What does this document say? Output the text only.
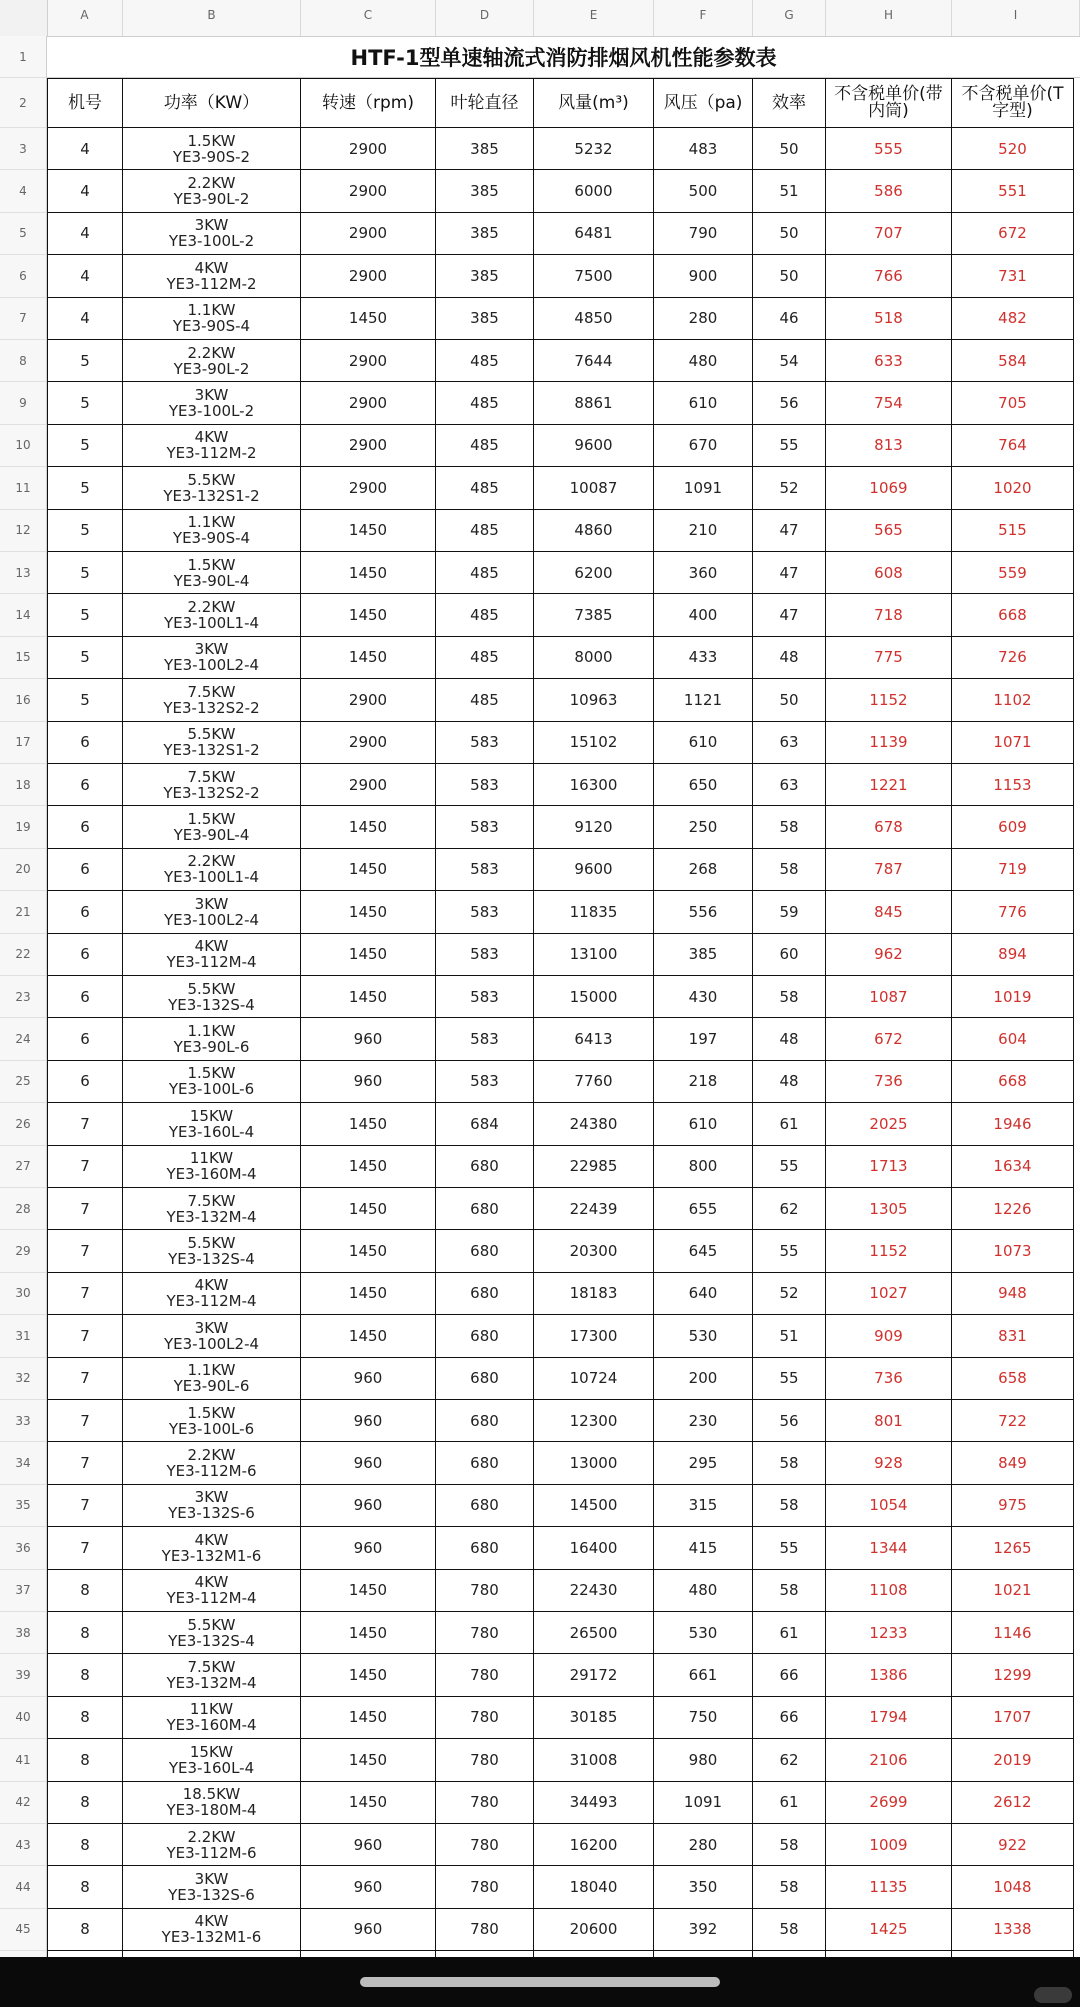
A	B	C	D	E	F	G	H	I
1	HTF-1型单速轴流式消防排烟风机性能参数表
2	机号	功率（KW）	转速（rpm)	叶轮直径	风量(m³)	风压（pa)	效率	不含税单价(带内筒)
不含税单价(T字型)
3	4	1.5KW
YE3-90S-2	2900	385	5232	483	50	555	520
4	4	2.2KW
YE3-90L-2	2900	385	6000	500	51	586	551
5	4	3KW
YE3-100L-2	2900	385	6481	790	50	707	672
6	4	4KW
YE3-112M-2	2900	385	7500	900	50	766	731
7	4	1.1KW
YE3-90S-4	1450	385	4850	280	46	518	482
8	5	2.2KW
YE3-90L-2	2900	485	7644	480	54	633	584
9	5	3KW
YE3-100L-2	2900	485	8861	610	56	754	705
10	5	4KW
YE3-112M-2	2900	485	9600	670	55	813	764
11	5	5.5KW
YE3-132S1-2	2900	485	10087	1091	52	1069	1020
12	5	1.1KW
YE3-90S-4	1450	485	4860	210	47	565	515
13	5	1.5KW
YE3-90L-4	1450	485	6200	360	47	608	559
14	5	2.2KW
YE3-100L1-4	1450	485	7385	400	47	718	668
15	5	3KW
YE3-100L2-4	1450	485	8000	433	48	775	726
16	5	7.5KW
YE3-132S2-2	2900	485	10963	1121	50	1152	1102
17	6	5.5KW
YE3-132S1-2	2900	583	15102	610	63	1139	1071
18	6	7.5KW
YE3-132S2-2	2900	583	16300	650	63	1221	1153
19	6	1.5KW
YE3-90L-4	1450	583	9120	250	58	678	609
20	6	2.2KW
YE3-100L1-4	1450	583	9600	268	58	787	719
21	6	3KW
YE3-100L2-4	1450	583	11835	556	59	845	776
22	6	4KW
YE3-112M-4	1450	583	13100	385	60	962	894
23	6	5.5KW
YE3-132S-4	1450	583	15000	430	58	1087	1019
24	6	1.1KW
YE3-90L-6	960	583	6413	197	48	672	604
25	6	1.5KW
YE3-100L-6	960	583	7760	218	48	736	668
26	7	15KW
YE3-160L-4	1450	684	24380	610	61	2025	1946
27	7	11KW
YE3-160M-4	1450	680	22985	800	55	1713	1634
28	7	7.5KW
YE3-132M-4	1450	680	22439	655	62	1305	1226
29	7	5.5KW
YE3-132S-4	1450	680	20300	645	55	1152	1073
30	7	4KW
YE3-112M-4	1450	680	18183	640	52	1027	948
31	7	3KW
YE3-100L2-4	1450	680	17300	530	51	909	831
32	7	1.1KW
YE3-90L-6	960	680	10724	200	55	736	658
33	7	1.5KW
YE3-100L-6	960	680	12300	230	56	801	722
34	7	2.2KW
YE3-112M-6	960	680	13000	295	58	928	849
35	7	3KW
YE3-132S-6	960	680	14500	315	58	1054	975
36	7	4KW
YE3-132M1-6	960	680	16400	415	55	1344	1265
37	8	4KW
YE3-112M-4	1450	780	22430	480	58	1108	1021
38	8	5.5KW
YE3-132S-4	1450	780	26500	530	61	1233	1146
39	8	7.5KW
YE3-132M-4	1450	780	29172	661	66	1386	1299
40	8	11KW
YE3-160M-4	1450	780	30185	750	66	1794	1707
41	8	15KW
YE3-160L-4	1450	780	31008	980	62	2106	2019
42	8	18.5KW
YE3-180M-4	1450	780	34493	1091	61	2699	2612
43	8	2.2KW
YE3-112M-6	960	780	16200	280	58	1009	922
44	8	3KW
YE3-132S-6	960	780	18040	350	58	1135	1048
45	8	4KW
YE3-132M1-6	960	780	20600	392	58	1425	1338
